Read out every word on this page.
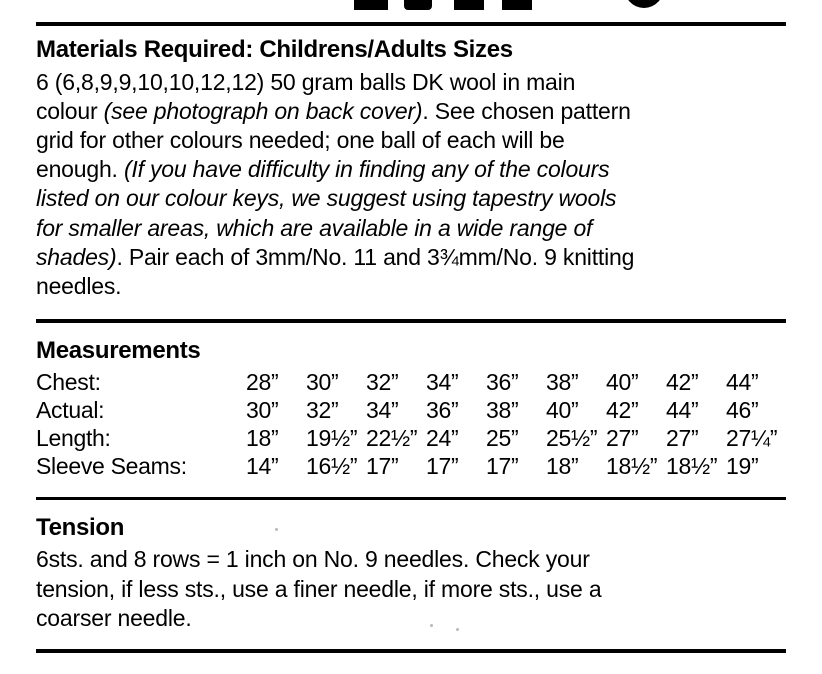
Materials Required: Childrens/Adults Sizes

6 (6,8,9,9,10,10,12,12) 50 gram balls DK wool in main
colour (see photograph on back cover). See chosen pattern
grid for other colours needed; one ball of each will be
enough. (If you have difficulty in finding any of the colours
listed on our colour keys, we suggest using tapestry wools
for smaller areas, which are available in a wide range of
shades). Pair each of 3mm/No. 11 and 3¾mm/No. 9 knitting
needles.

Measurements
Chest:	28”	30”	32”	34”	36”	38”	40”	42”	44”
Actual:	30”	32”	34”	36”	38”	40”	42”	44”	46”
Length:	18”	19½”	22½”	24”	25”	25½”	27”	27”	27¼”
Sleeve Seams:	14”	16½”	17”	17”	17”	18”	18½”	18½”	19”
Tension

6sts. and 8 rows = 1 inch on No. 9 needles. Check your
tension, if less sts., use a finer needle, if more sts., use a
coarser needle.
